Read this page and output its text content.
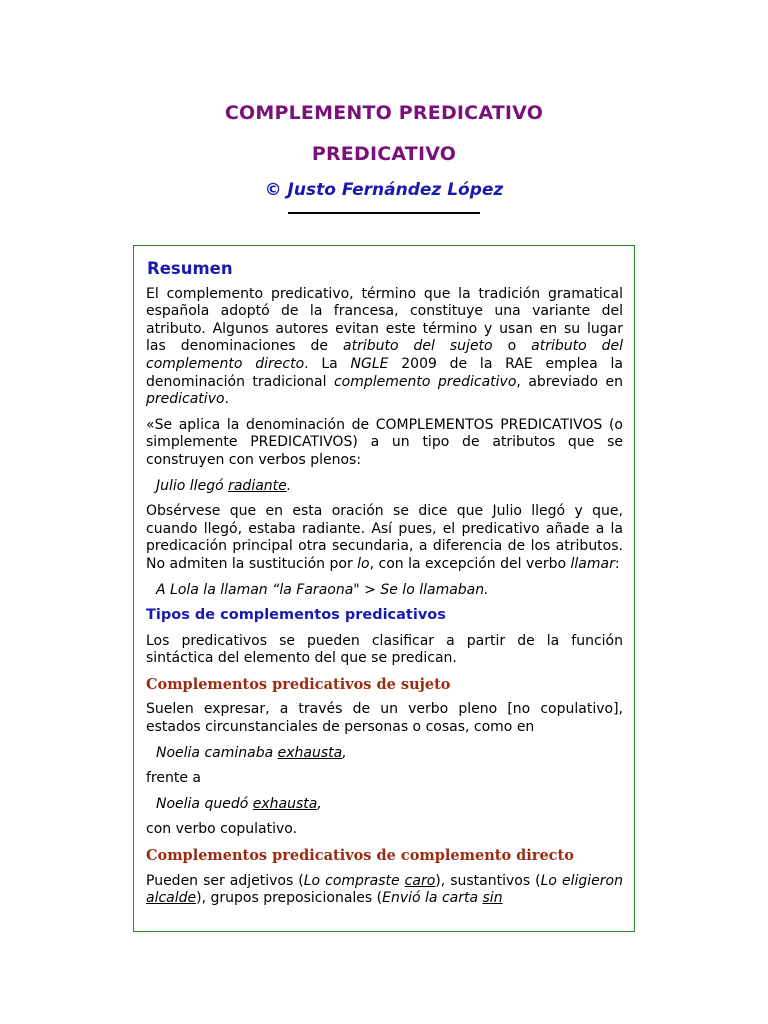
COMPLEMENTO PREDICATIVO
PREDICATIVO
© Justo Fernández López
Resumen

El complemento predicativo, término que la tradición gramatical española adoptó de la francesa, constituye una variante del atributo. Algunos autores evitan este término y usan en su lugar las denominaciones de atributo del sujeto o atributo del complemento directo. La NGLE 2009 de la RAE emplea la denominación tradicional complemento predicativo, abreviado en predicativo.

«Se aplica la denominación de COMPLEMENTOS PREDICATIVOS (o simplemente PREDICATIVOS) a un tipo de atributos que se construyen con verbos plenos:

Julio llegó radiante.

Obsérvese que en esta oración se dice que Julio llegó y que, cuando llegó, estaba radiante. Así pues, el predicativo añade a la predicación principal otra secundaria, a diferencia de los atributos. No admiten la sustitución por lo, con la excepción del verbo llamar:

A Lola la llaman “la Faraona" > Se lo llamaban.
Tipos de complementos predicativos

Los predicativos se pueden clasificar a partir de la función sintáctica del elemento del que se predican.

Complementos predicativos de sujeto

Suelen expresar, a través de un verbo pleno [no copulativo], estados circunstanciales de personas o cosas, como en

Noelia caminaba exhausta,

frente a

Noelia quedó exhausta,

con verbo copulativo.

Complementos predicativos de complemento directo

Pueden ser adjetivos (Lo compraste caro), sustantivos (Lo eligieron alcalde), grupos preposicionales (Envió la carta sin
